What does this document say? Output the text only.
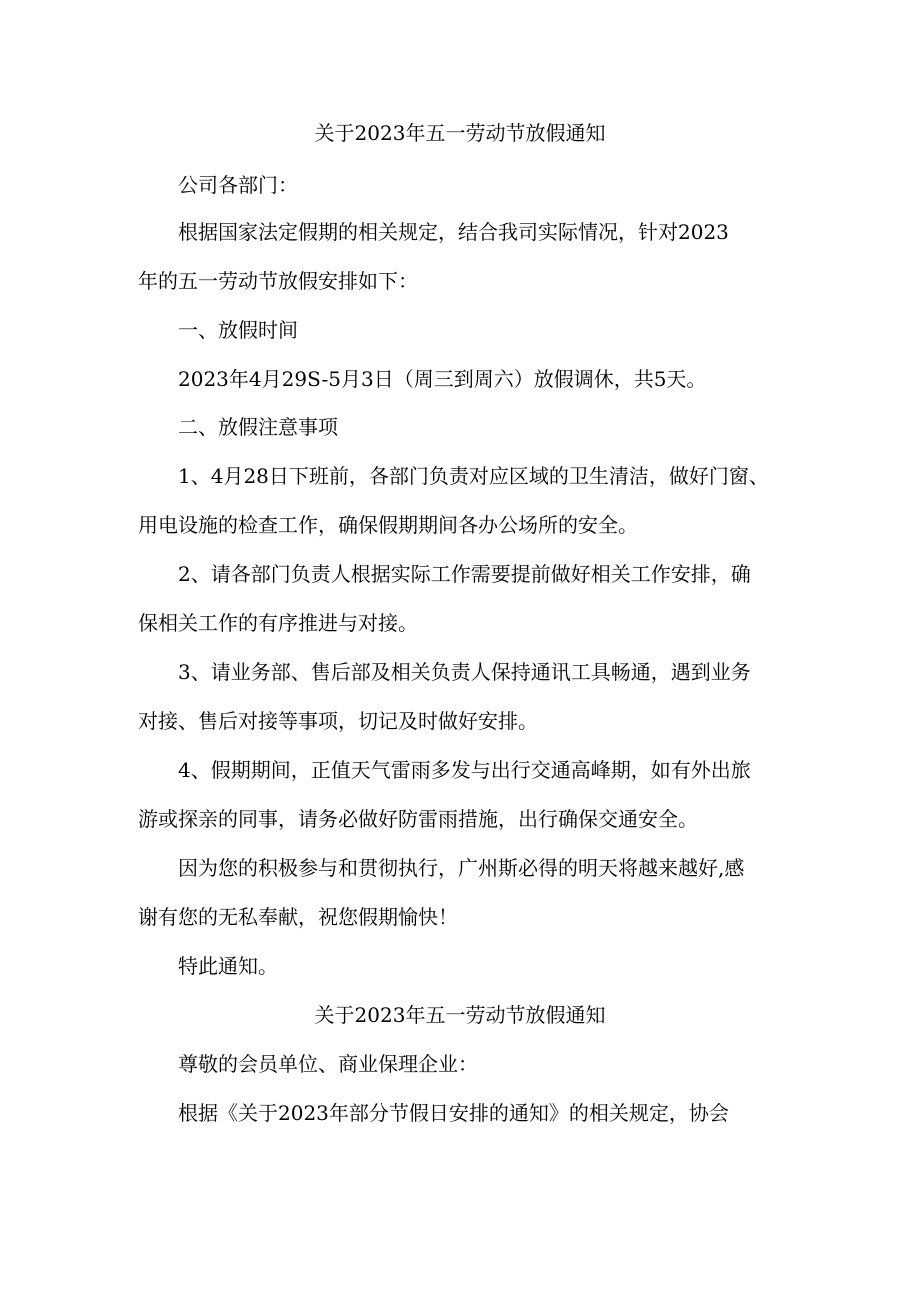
关于2023年五一劳动节放假通知
公司各部门：
根据国家法定假期的相关规定，结合我司实际情况，针对2023
年的五一劳动节放假安排如下：
一、放假时间
2023年4月29S-5月3日（周三到周六）放假调休，共5天。
二、放假注意事项
1、4月28日下班前，各部门负责对应区域的卫生清洁，做好门窗、
用电设施的检查工作，确保假期期间各办公场所的安全。
2、请各部门负责人根据实际工作需要提前做好相关工作安排，确
保相关工作的有序推进与对接。
3、请业务部、售后部及相关负责人保持通讯工具畅通，遇到业务
对接、售后对接等事项，切记及时做好安排。
4、假期期间，正值天气雷雨多发与出行交通高峰期，如有外出旅
游或探亲的同事，请务必做好防雷雨措施，出行确保交通安全。
因为您的积极参与和贯彻执行，广州斯必得的明天将越来越好,感
谢有您的无私奉献，祝您假期愉快！
特此通知。
关于2023年五一劳动节放假通知
尊敬的会员单位、商业保理企业：
根据《关于2023年部分节假日安排的通知》的相关规定，协会
